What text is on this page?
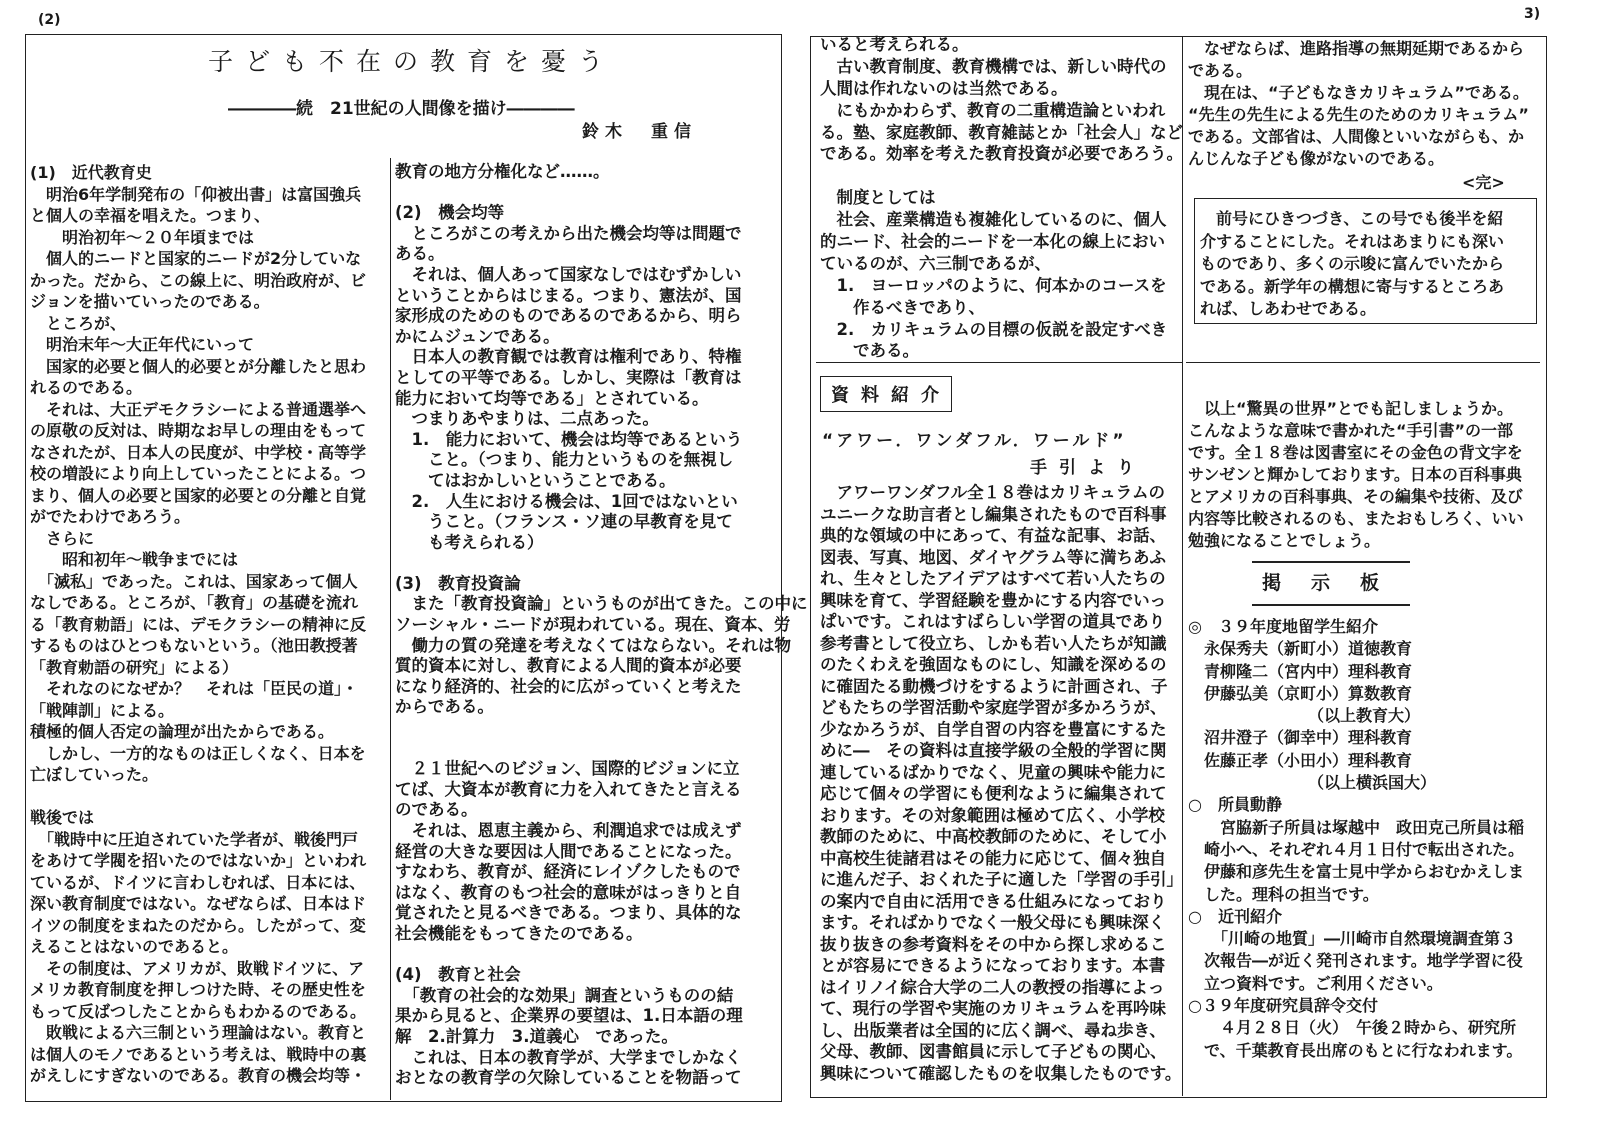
(2)
子ども不在の教育を憂う
――――続　21世紀の人間像を描け――――
鈴木　重信
(1)　近代教育史
　明治6年学制発布の「仰被出書」は富国強兵
と個人の幸福を唱えた。つまり、
　　明治初年〜２０年頃までは
　個人的ニードと国家的ニードが2分していな
かった。だから、この線上に、明治政府が、ビ
ジョンを描いていったのである。
　ところが、
　明治末年〜大正年代にいって
　国家的必要と個人的必要とが分離したと思わ
れるのである。
　それは、大正デモクラシーによる普通選挙へ
の原敬の反対は、時期なお早しの理由をもって
なされたが、日本人の民度が、中学校・高等学
校の増設により向上していったことによる。つ
まり、個人の必要と国家的必要との分離と自覚
がでたわけであろう。
　さらに
　　昭和初年〜戦争までには
　「滅私」であった。これは、国家あって個人
なしである。ところが、「教育」の基礎を流れ
る「教育勅語」には、デモクラシーの精神に反
するものはひとつもないという。（池田教授著
「教育勅語の研究」による）
　それなのになぜか？　それは「臣民の道」・
「戦陣訓」による。
積極的個人否定の論理が出たからである。
　しかし、一方的なものは正しくなく、日本を
亡ぼしていった。
戦後では
　「戦時中に圧迫されていた学者が、戦後門戸
をあけて学閥を招いたのではないか」といわれ
ているが、ドイツに言わしむれば、日本には、
深い教育制度ではない。なぜならば、日本はド
イツの制度をまねたのだから。したがって、変
えることはないのであると。
　その制度は、アメリカが、敗戦ドイツに、ア
メリカ教育制度を押しつけた時、その歴史性を
もって反ばつしたことからもわかるのである。
　敗戦による六三制という理論はない。教育と
は個人のモノであるという考えは、戦時中の裏
がえしにすぎないのである。教育の機会均等・
教育の地方分権化など……。
(2)　機会均等
　ところがこの考えから出た機会均等は問題で
ある。
　それは、個人あって国家なしではむずかしい
ということからはじまる。つまり、憲法が、国
家形成のためのものであるのであるから、明ら
かにムジュンである。
　日本人の教育観では教育は権利であり、特権
としての平等である。しかし、実際は「教育は
能力において均等である」とされている。
　つまりあやまりは、二点あった。
　1.　能力において、機会は均等であるという
　　こと。（つまり、能力というものを無視し
　　てはおかしいということである。
　2.　人生における機会は、1回ではないとい
　　うこと。（フランス・ソ連の早教育を見て
　　も考えられる）
(3)　教育投資論
　また「教育投資論」というものが出てきた。この中に
ソーシャル・ニードが現われている。現在、資本、労
　働力の質の発達を考えなくてはならない。それは物
質的資本に対し、教育による人間的資本が必要
になり経済的、社会的に広がっていくと考えた
からである。
　２１世紀へのビジョン、国際的ビジョンに立
てば、大資本が教育に力を入れてきたと言える
のである。
　それは、恩恵主義から、利潤追求では成えず
経営の大きな要因は人間であることになった。
すなわち、教育が、経済にレイゾクしたもので
はなく、教育のもつ社会的意味がはっきりと自
覚されたと見るべきである。つまり、具体的な
社会機能をもってきたのである。
(4)　教育と社会
　「教育の社会的な効果」調査というものの結
果から見ると、企業界の要望は、1.日本語の理
解　2.計算力　3.道義心　であった。
　これは、日本の教育学が、大学までしかなく
おとなの教育学の欠除していることを物語って
3)
いると考えられる。
　古い教育制度、教育機構では、新しい時代の
人間は作れないのは当然である。
　にもかかわらず、教育の二重構造論といわれ
る。塾、家庭教師、教育雑誌とか「社会人」など
である。効率を考えた教育投資が必要であろう。
　制度としては
　社会、産業構造も複雑化しているのに、個人
的ニード、社会的ニードを一本化の線上におい
ているのが、六三制であるが、
　1.　ヨーロッパのように、何本かのコースを
　　作るべきであり、
　2.　カリキュラムの目標の仮説を設定すべき
　　である。
資料紹介
“アワー．ワンダフル．ワールド”
手引より
　アワーワンダフル全１８巻はカリキュラムの
ユニークな助言者とし編集されたもので百科事
典的な領域の中にあって、有益な記事、お話、
図表、写真、地図、ダイヤグラム等に満ちあふ
れ、生々としたアイデアはすべて若い人たちの
興味を育て、学習経験を豊かにする内容でいっ
ぱいです。これはすばらしい学習の道具であり
参考書として役立ち、しかも若い人たちが知識
のたくわえを強固なものにし、知識を深めるの
に確固たる動機づけをするように計画され、子
どもたちの学習活動や家庭学習が多かろうが、
少なかろうが、自学自習の内容を豊富にするた
めに―　その資料は直接学級の全般的学習に関
連しているばかりでなく、児童の興味や能力に
応じて個々の学習にも便利なように編集されて
おります。その対象範囲は極めて広く、小学校
教師のために、中高校教師のために、そして小
中高校生徒諸君はその能力に応じて、個々独自
に進んだ子、おくれた子に適した「学習の手引」
の案内で自由に活用できる仕組みになっており
ます。そればかりでなく一般父母にも興味深く
抜り抜きの参考資料をその中から探し求めるこ
とが容易にできるようになっております。本書
はイリノイ綜合大学の二人の教授の指導によっ
て、現行の学習や実施のカリキュラムを再吟味
し、出版業者は全国的に広く調べ、尋ね歩き、
父母、教師、図書館員に示して子どもの関心、
興味について確認したものを収集したものです。
　なぜならば、進路指導の無期延期であるから
である。
　現在は、“子どもなきカリキュラム”である。
“先生の先生による先生のためのカリキュラム”
である。文部省は、人間像といいながらも、か
んじんな子ども像がないのである。
<完>
　前号にひきつづき、この号でも後半を紹
介することにした。それはあまりにも深い
ものであり、多くの示唆に富んでいたから
である。新学年の構想に寄与するところあ
れば、しあわせである。
　以上“驚異の世界”とでも記しましょうか。
こんなような意味で書かれた“手引書”の一部
です。全１８巻は図書室にその金色の背文字を
サンゼンと輝かしております。日本の百科事典
とアメリカの百科事典、その編集や技術、及び
内容等比較されるのも、またおもしろく、いい
勉強になることでしょう。
掲示板
◎　３９年度地留学生紹介
　永保秀夫（新町小）道徳教育
　青柳隆二（宮内中）理科教育
　伊藤弘美（京町小）算数教育
　　　　　　　　（以上教育大）
　沼井澄子（御幸中）理科教育
　佐藤正孝（小田小）理科教育
　　　　　　　　（以上横浜国大）
○　所員動静
　　宮脇新子所員は塚越中　政田克己所員は稲
　崎小へ、それぞれ４月１日付で転出された。
　伊藤和彦先生を富士見中学からおむかえしま
　した。理科の担当です。
○　近刊紹介
　　「川崎の地質」―川崎市自然環境調査第３
　次報告―が近く発刊されます。地学学習に役
　立つ資料です。ご利用ください。
○３９年度研究員辞令交付
　　４月２８日（火）　午後２時から、研究所
　で、千葉教育長出席のもとに行なわれます。
